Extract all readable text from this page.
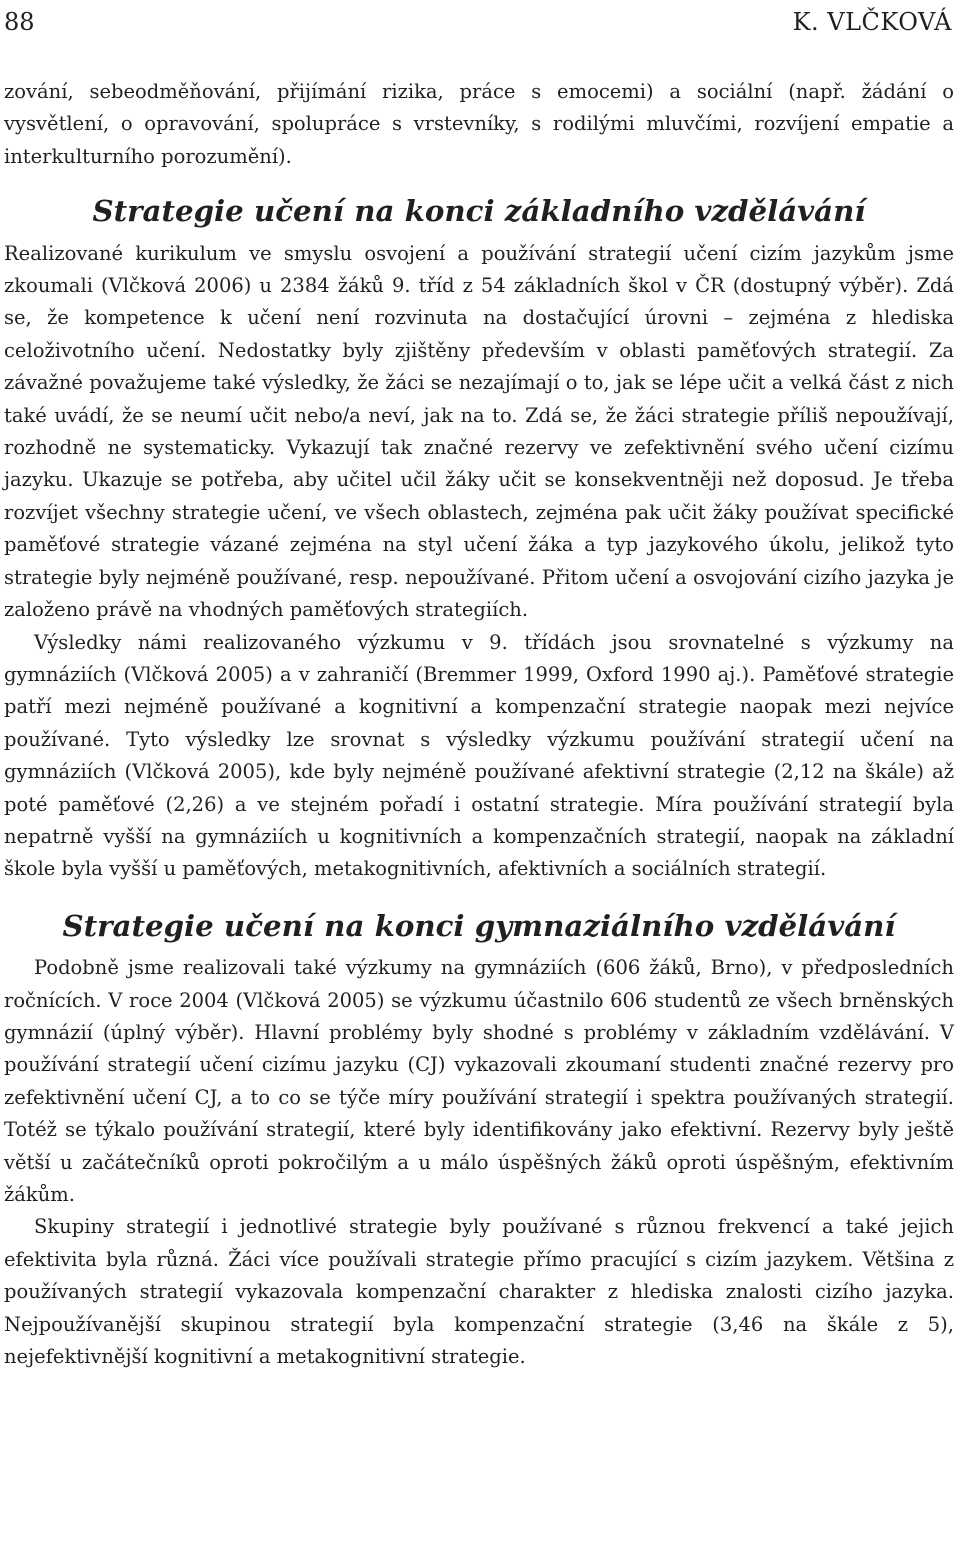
88	K. VLČKOVÁ

zování, sebeodměňování, přijímání rizika, práce s emocemi) a sociální (např. žádání o vysvětlení, o opravování, spolupráce s vrstevníky, s rodilými mluvčími, rozvíjení empatie a interkulturního porozumění).

Strategie učení na konci základního vzdělávání

Realizované kurikulum ve smyslu osvojení a používání strategií učení cizím jazykům jsme zkoumali (Vlčková 2006) u 2384 žáků 9. tříd z 54 základních škol v ČR (dostupný výběr). Zdá se, že kompetence k učení není rozvinuta na dostačující úrovni – zejména z hlediska celoživotního učení. Nedostatky byly zjištěny především v oblasti paměťových strategií. Za závažné považujeme také výsledky, že žáci se nezajímají o to, jak se lépe učit a velká část z nich také uvádí, že se neumí učit nebo/a neví, jak na to. Zdá se, že žáci strategie příliš nepoužívají, rozhodně ne systematicky. Vykazují tak značné rezervy ve zefektivnění svého učení cizímu jazyku. Ukazuje se potřeba, aby učitel učil žáky učit se konsekventněji než doposud. Je třeba rozvíjet všechny strategie učení, ve všech oblastech, zejména pak učit žáky používat specifické paměťové strategie vázané zejména na styl učení žáka a typ jazykového úkolu, jelikož tyto strategie byly nejméně používané, resp. nepoužívané. Přitom učení a osvojování cizího jazyka je založeno právě na vhodných paměťových strategiích.

Výsledky námi realizovaného výzkumu v 9. třídách jsou srovnatelné s výzkumy na gymnáziích (Vlčková 2005) a v zahraničí (Bremmer 1999, Oxford 1990 aj.). Paměťové strategie patří mezi nejméně používané a kognitivní a kompenzační strategie naopak mezi nejvíce používané. Tyto výsledky lze srovnat s výsledky výzkumu používání strategií učení na gymnáziích (Vlčková 2005), kde byly nejméně používané afektivní strategie (2,12 na škále) až poté paměťové (2,26) a ve stejném pořadí i ostatní strategie. Míra používání strategií byla nepatrně vyšší na gymnáziích u kognitivních a kompenzačních strategií, naopak na základní škole byla vyšší u paměťových, metakognitivních, afektivních a sociálních strategií.

Strategie učení na konci gymnaziálního vzdělávání

Podobně jsme realizovali také výzkumy na gymnáziích (606 žáků, Brno), v předposledních ročnících. V roce 2004 (Vlčková 2005) se výzkumu účastnilo 606 studentů ze všech brněnských gymnázií (úplný výběr). Hlavní problémy byly shodné s problémy v základním vzdělávání. V používání strategií učení cizímu jazyku (CJ) vykazovali zkoumaní studenti značné rezervy pro zefektivnění učení CJ, a to co se týče míry používání strategií i spektra používaných strategií. Totéž se týkalo používání strategií, které byly identifikovány jako efektivní. Rezervy byly ještě větší u začátečníků oproti pokročilým a u málo úspěšných žáků oproti úspěšným, efektivním žákům.

Skupiny strategií i jednotlivé strategie byly používané s různou frekvencí a také jejich efektivita byla různá. Žáci více používali strategie přímo pracující s cizím jazykem. Většina z používaných strategií vykazovala kompenzační charakter z hlediska znalosti cizího jazyka. Nejpoužívanější skupinou strategií byla kompenzační strategie (3,46 na škále z 5), nejefektivnější kognitivní a metakognitivní strategie.
